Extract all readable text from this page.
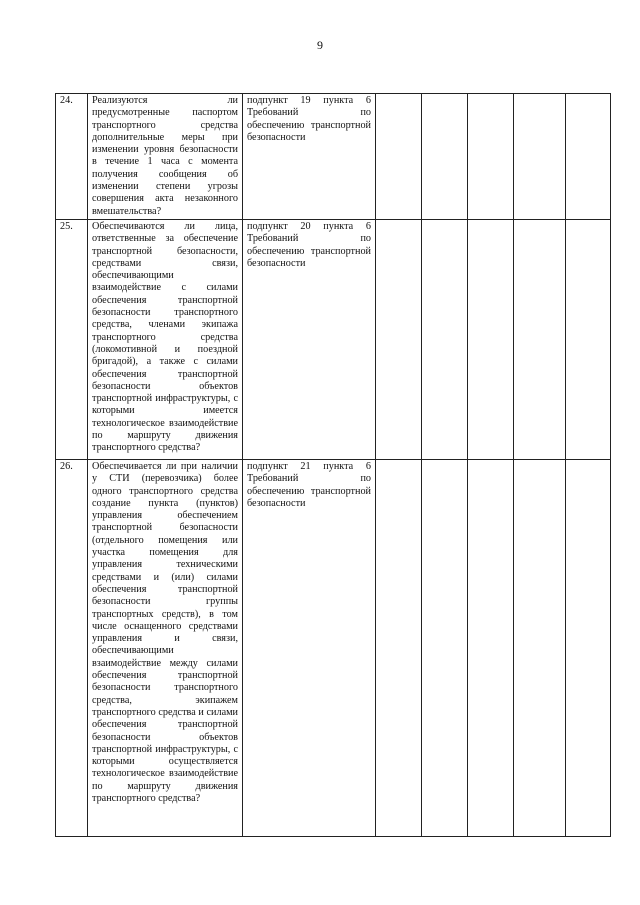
9
24.	Реализуются ли предусмотренные паспортом транспортного средства дополнительные меры при изменении уровня безопасности в течение 1 часа с момента получения сообщения об изменении степени угрозы совершения акта незаконного вмешательства?	подпункт 19 пункта 6 Требований по обеспечению транспортной безопасности					
25.	Обеспечиваются ли лица, ответственные за обеспечение транспортной безопасности, средствами связи, обеспечивающими взаимодействие с силами обеспечения транспортной безопасности транспортного средства, членами экипажа транспортного средства (локомотивной и поездной бригадой), а также с силами обеспечения транспортной безопасности объектов транспортной инфраструктуры, с которыми имеется технологическое взаимодействие по маршруту движения транспортного средства?	подпункт 20 пункта 6 Требований по обеспечению транспортной безопасности					
26.	Обеспечивается ли при наличии у СТИ (перевозчика) более одного транспортного средства создание пункта (пунктов) управления обеспечением транспортной безопасности (отдельного помещения или участка помещения для управления техническими средствами и (или) силами обеспечения транспортной безопасности группы транспортных средств), в том числе оснащенного средствами управления и связи, обеспечивающими взаимодействие между силами обеспечения транспортной безопасности транспортного средства, экипажем транспортного средства и силами обеспечения транспортной безопасности объектов транспортной инфраструктуры, с которыми осуществляется технологическое взаимодействие по маршруту движения транспортного средства?	подпункт 21 пункта 6 Требований по обеспечению транспортной безопасности					
